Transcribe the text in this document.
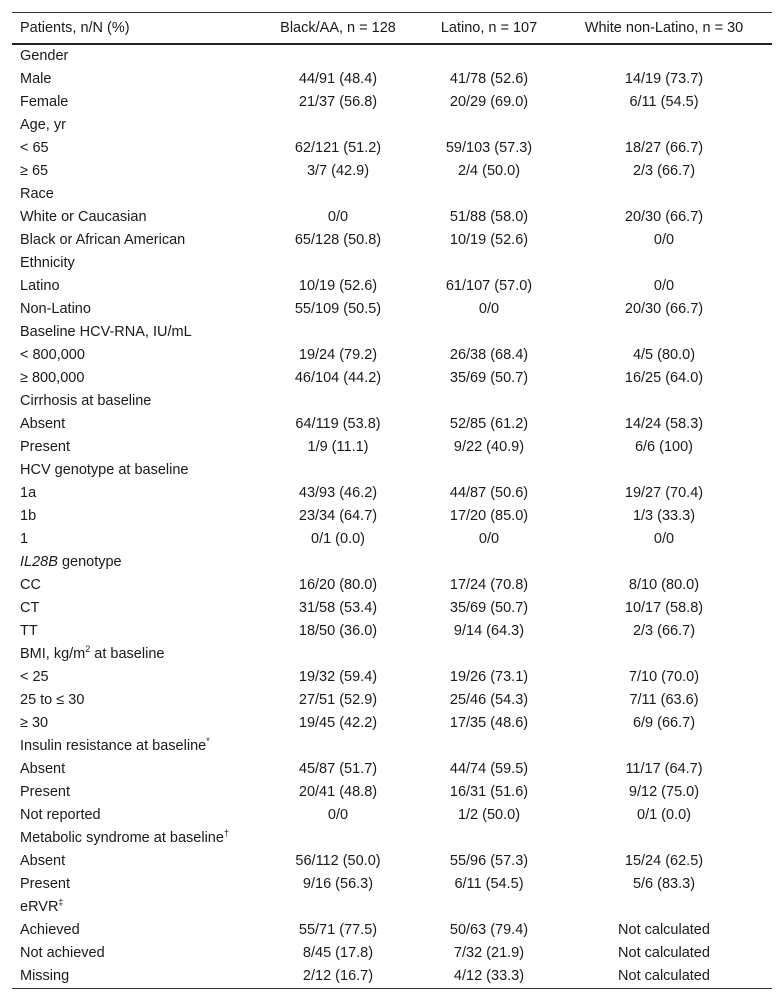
Patients, n/N (%)	Black/AA, n = 128	Latino, n = 107	White non-Latino, n = 30
Gender			
Male	44/91 (48.4)	41/78 (52.6)	14/19 (73.7)
Female	21/37 (56.8)	20/29 (69.0)	6/11 (54.5)
Age, yr			
< 65	62/121 (51.2)	59/103 (57.3)	18/27 (66.7)
≥ 65	3/7 (42.9)	2/4 (50.0)	2/3 (66.7)
Race			
White or Caucasian	0/0	51/88 (58.0)	20/30 (66.7)
Black or African American	65/128 (50.8)	10/19 (52.6)	0/0
Ethnicity			
Latino	10/19 (52.6)	61/107 (57.0)	0/0
Non-Latino	55/109 (50.5)	0/0	20/30 (66.7)
Baseline HCV-RNA, IU/mL			
< 800,000	19/24 (79.2)	26/38 (68.4)	4/5 (80.0)
≥ 800,000	46/104 (44.2)	35/69 (50.7)	16/25 (64.0)
Cirrhosis at baseline			
Absent	64/119 (53.8)	52/85 (61.2)	14/24 (58.3)
Present	1/9 (11.1)	9/22 (40.9)	6/6 (100)
HCV genotype at baseline			
1a	43/93 (46.2)	44/87 (50.6)	19/27 (70.4)
1b	23/34 (64.7)	17/20 (85.0)	1/3 (33.3)
1	0/1 (0.0)	0/0	0/0
IL28B genotype			
CC	16/20 (80.0)	17/24 (70.8)	8/10 (80.0)
CT	31/58 (53.4)	35/69 (50.7)	10/17 (58.8)
TT	18/50 (36.0)	9/14 (64.3)	2/3 (66.7)
BMI, $kg/m^2$ at baseline			
< 25	19/32 (59.4)	19/26 (73.1)	7/10 (70.0)
25 to ≤ 30	27/51 (52.9)	25/46 (54.3)	7/11 (63.6)
≥ 30	19/45 (42.2)	17/35 (48.6)	6/9 (66.7)
Insulin resistance at baseline*			
Absent	45/87 (51.7)	44/74 (59.5)	11/17 (64.7)
Present	20/41 (48.8)	16/31 (51.6)	9/12 (75.0)
Not reported	0/0	1/2 (50.0)	0/1 (0.0)
Metabolic syndrome at baseline†			
Absent	56/112 (50.0)	55/96 (57.3)	15/24 (62.5)
Present	9/16 (56.3)	6/11 (54.5)	5/6 (83.3)
eRVR‡			
Achieved	55/71 (77.5)	50/63 (79.4)	Not calculated
Not achieved	8/45 (17.8)	7/32 (21.9)	Not calculated
Missing	2/12 (16.7)	4/12 (33.3)	Not calculated
